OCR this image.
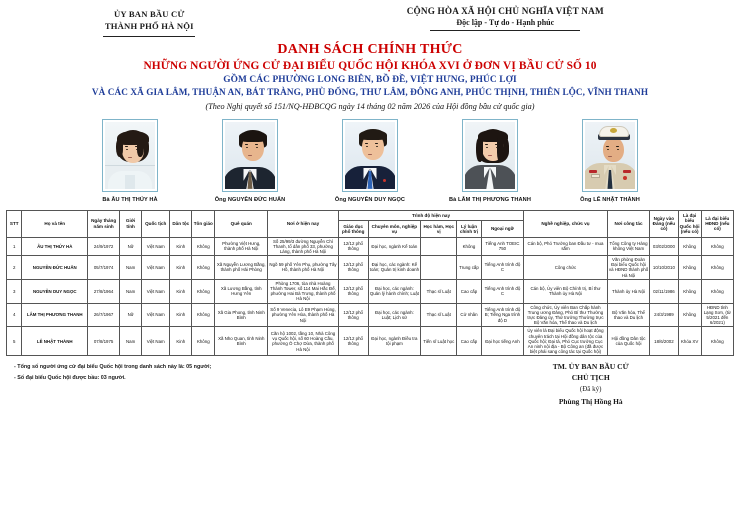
ỦY BAN BẦU CỬ
THÀNH PHỐ HÀ NỘI
CỘNG HÒA XÃ HỘI CHỦ NGHĨA VIỆT NAM
Độc lập - Tự do - Hạnh phúc
DANH SÁCH CHÍNH THỨC
NHỮNG NGƯỜI ỨNG CỬ ĐẠI BIỂU QUỐC HỘI KHÓA XVI Ở ĐƠN VỊ BẦU CỬ SỐ 10
GỒM CÁC PHƯỜNG LONG BIÊN, BỒ ĐỀ, VIỆT HƯNG, PHÚC LỢI
VÀ CÁC XÃ GIA LÂM, THUẬN AN, BÁT TRÀNG, PHÙ ĐỔNG, THƯ LÂM, ĐÔNG ANH, PHÚC THỊNH, THIÊN LỘC, VĨNH THANH
(Theo Nghị quyết số 151/NQ-HĐBCQG ngày 14 tháng 02 năm 2026 của Hội đồng bầu cử quốc gia)
Bà ÂU THỊ THÚY HÀ	Ông NGUYỄN ĐỨC HUẤN	Ông NGUYỄN DUY NGỌC	Bà LÂM THỊ PHƯƠNG THANH	Ông LÊ NHẬT THÀNH
STT	Họ và tên	Ngày tháng năm sinh	Giới tính	Quốc tịch	Dân tộc	Tôn giáo	Quê quán	Nơi ở hiện nay	Trình độ hiện nay					Nghề nghiệp, chức vụ	Nơi công tác	Ngày vào Đảng (nếu có)	Là đại biểu Quốc hội (nếu có)	Là đại biểu HĐND (nếu có)
									Giáo dục phổ thông	Chuyên môn, nghiệp vụ	Học hàm, Học vị	Lý luận chính trị	Ngoại ngữ					
1	ÂU THỊ THÚY HÀ	24/9/1972	Nữ	Việt Nam	Kinh	Không	Phường Việt Hưng, thành phố Hà Nội	Số 25/99/3 đường Nguyễn Chí Thanh, tổ dân phố 33, phường Láng, thành phố Hà Nội	12/12 phổ thông	Đại học, ngành Kế toán		Không	Tiếng Anh TOEIC 750	Cán bộ, Phó Trưởng ban Đầu tư - mua sắm	Tổng Công ty Hàng không Việt Nam	03/02/2000	Không	Không
2	NGUYỄN ĐỨC HUẤN	05/7/1974	Nam	Việt Nam	Kinh	Không	Xã Nguyễn Lương Bằng, thành phố Hải Phòng	Ngõ 59 phố Yên Phụ, phường Tây Hồ, thành phố Hà Nội	12/12 phổ thông	Đại học, các ngành: Kế toán; Quản trị kinh doanh		Trung cấp	Tiếng Anh trình độ C	Công chức	Văn phòng Đoàn Đại biểu Quốc hội và HĐND thành phố Hà Nội	10/10/2010	Không	Không
3	NGUYỄN DUY NGỌC	27/8/1964	Nam	Việt Nam	Kinh	Không	Xã Lương Bằng, tỉnh Hưng Yên	Phòng 1706, tòa nhà Hoàng Thành Tower, số 114 Mai Hắc Đế, phường Hai Bà Trưng, thành phố Hà Nội	12/12 phổ thông	Đại học, các ngành: Quản lý hành chính; Luật	Thạc sĩ Luật	Cao cấp	Tiếng Anh trình độ C	Cán bộ, Ủy viên Bộ Chính trị, Bí thư Thành ủy Hà Nội	Thành ủy Hà Nội	02/11/1986	Không	Không
4	LÂM THỊ PHƯƠNG THANH	26/7/1967	Nữ	Việt Nam	Kinh	Không	Xã Gia Phong, tỉnh Ninh Bình	Số 9 Venecia, Lô E9 Phạm Hùng, phường Yên Hòa, thành phố Hà Nội	12/12 phổ thông	Đại học, các ngành: Luật; Lịch sử	Thạc sĩ Luật	Cử nhân	Tiếng Anh trình độ B; Tiếng Nga trình độ D	Công chức, Ủy viên Ban Chấp hành Trung ương Đảng, Phó Bí thư Thường trực Đảng ủy, Thứ trưởng Thường trực Bộ Văn hóa, Thể thao và Du lịch	Bộ Văn hóa, Thể thao và Du lịch	24/3/1989	Không	HĐND tỉnh Lạng Sơn, (từ 5/2021 đến 6/2021)
5	LÊ NHẬT THÀNH	07/8/1975	Nam	Việt Nam	Kinh	Không	Xã Nho Quan, tỉnh Ninh Bình	Căn hộ 1002, tầng 10, Nhà Công vụ Quốc hội, số 60 Hoàng Cầu, phường Ô Chợ Dừa, thành phố Hà Nội	12/12 phổ thông	Đại học, ngành Điều tra tội phạm	Tiến sĩ Luật học	Cao cấp	Đại học tiếng Anh	Ủy viên là Đại biểu Quốc hội hoạt động chuyên trách tại Hội đồng dân tộc của Quốc hội; Đại tá, Phó Cục trưởng Cục An ninh nội địa - Bộ Công an (đã được biệt phái sang công tác tại Quốc hội)	Hội đồng Dân tộc của Quốc hội	18/6/2002	Khóa XV	Không
- Tổng số người ứng cử đại biểu Quốc hội trong danh sách này là: 05 người;
- Số đại biểu Quốc hội được bầu: 03 người.
TM. ỦY BAN BẦU CỬ
CHỦ TỊCH
(Đã ký)
Phùng Thị Hồng Hà
